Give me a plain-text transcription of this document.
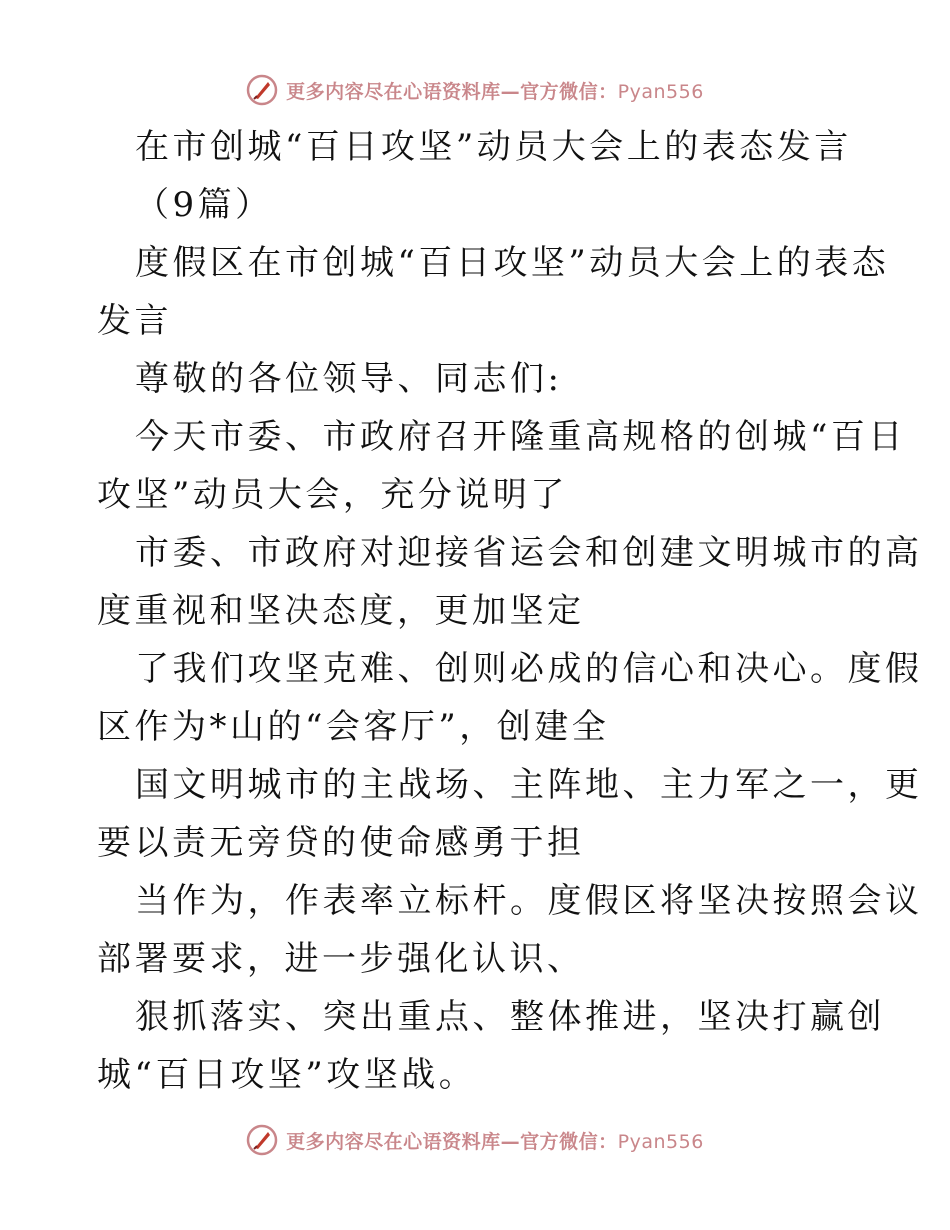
更多内容尽在心语资料库—官方微信：Pyan556
在市创城“百日攻坚”动员大会上的表态发言
（9篇）
度假区在市创城“百日攻坚”动员大会上的表态
发言
尊敬的各位领导、同志们:
今天市委、市政府召开隆重高规格的创城“百日
攻坚”动员大会，充分说明了
市委、市政府对迎接省运会和创建文明城市的高
度重视和坚决态度，更加坚定
了我们攻坚克难、创则必成的信心和决心。度假
区作为*山的“会客厅”，创建全
国文明城市的主战场、主阵地、主力军之一，更
要以责无旁贷的使命感勇于担
当作为，作表率立标杆。度假区将坚决按照会议
部署要求，进一步强化认识、
狠抓落实、突出重点、整体推进，坚决打赢创
城“百日攻坚”攻坚战。
更多内容尽在心语资料库—官方微信：Pyan556
